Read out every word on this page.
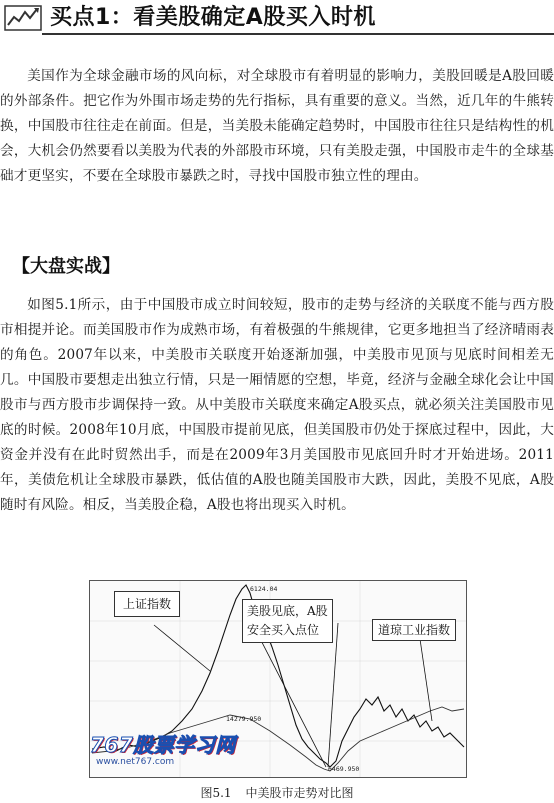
买点1：看美股确定A股买入时机

美国作为全球金融市场的风向标，对全球股市有着明显的影响力，美股回暖是A股回暖的外部条件。把它作为外围市场走势的先行指标，具有重要的意义。当然，近几年的牛熊转换，中国股市往往走在前面。但是，当美股未能确定趋势时，中国股市往往只是结构性的机会，大机会仍然要看以美股为代表的外部股市环境，只有美股走强，中国股市走牛的全球基础才更坚实，不要在全球股市暴跌之时，寻找中国股市独立性的理由。

【大盘实战】

如图5.1所示，由于中国股市成立时间较短，股市的走势与经济的关联度不能与西方股市相提并论。而美国股市作为成熟市场，有着极强的牛熊规律，它更多地担当了经济晴雨表的角色。2007年以来，中美股市关联度开始逐渐加强，中美股市见顶与见底时间相差无几。中国股市要想走出独立行情，只是一厢情愿的空想，毕竟，经济与金融全球化会让中国股市与西方股市步调保持一致。从中美股市关联度来确定A股买点，就必须关注美国股市见底的时候。2008年10月底，中国股市提前见底，但美国股市仍处于探底过程中，因此，大资金并没有在此时贸然出手，而是在2009年3月美国股市见底回升时才开始进场。2011年，美债危机让全球股市暴跌，低估值的A股也随美国股市大跌，因此，美股不见底，A股随时有风险。相反，当美股企稳，A股也将出现买入时机。

上证指数	美股见底，A股
安全买入点位	道琼工业指数
6124.04
14279.950
6469.950
767股票学习网
www.net767.com
图5.1 中美股市走势对比图
